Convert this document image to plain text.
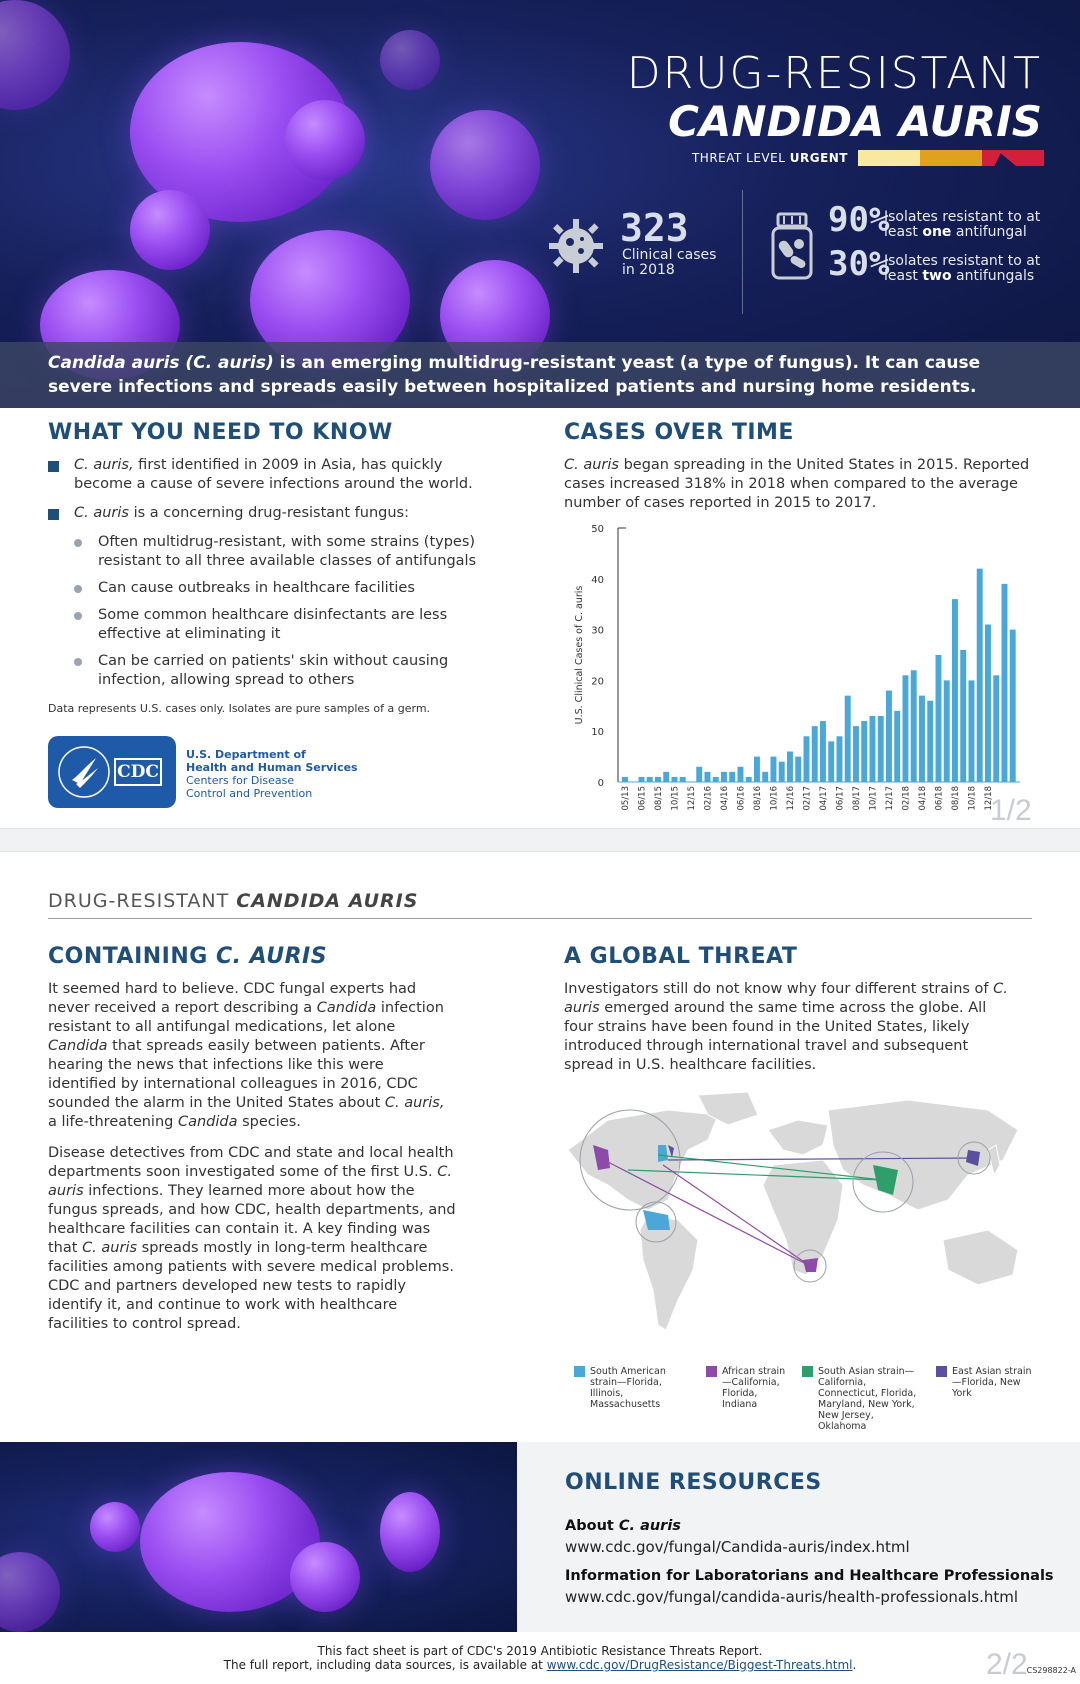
DRUG-RESISTANT
CANDIDA AURIS
THREAT LEVEL URGENT
323
Clinical cases in 2018
90%
Isolates resistant to at least one antifungal
30%
Isolates resistant to at least two antifungals
Candida auris (C. auris) is an emerging multidrug-resistant yeast (a type of fungus). It can cause severe infections and spreads easily between hospitalized patients and nursing home residents.
WHAT YOU NEED TO KNOW
C. auris, first identified in 2009 in Asia, has quickly become a cause of severe infections around the world.
C. auris is a concerning drug-resistant fungus:
Often multidrug-resistant, with some strains (types) resistant to all three available classes of antifungals
Can cause outbreaks in healthcare facilities
Some common healthcare disinfectants are less effective at eliminating it
Can be carried on patients' skin without causing infection, allowing spread to others
Data represents U.S. cases only. Isolates are pure samples of a germ.
CDC
U.S. Department of
Health and Human Services
Centers for Disease
Control and Prevention
CASES OVER TIME
C. auris began spreading in the United States in 2015. Reported cases increased 318% in 2018 when compared to the average number of cases reported in 2015 to 2017.
0
10
20
30
40
50
U.S. Clinical Cases of C. auris
05/13 06/15 08/15 10/15 12/15 02/16 04/16 06/16 08/16 10/16 12/16 02/17 04/17 06/17 08/17 10/17 12/17 02/18 04/18 06/18 08/18 10/18 12/18
1/2
DRUG-RESISTANT CANDIDA AURIS
CONTAINING C. AURIS
It seemed hard to believe. CDC fungal experts had never received a report describing a Candida infection resistant to all antifungal medications, let alone Candida that spreads easily between patients. After hearing the news that infections like this were identified by international colleagues in 2016, CDC sounded the alarm in the United States about C. auris, a life-threatening Candida species.
Disease detectives from CDC and state and local health departments soon investigated some of the first U.S. C. auris infections. They learned more about how the fungus spreads, and how CDC, health departments, and healthcare facilities can contain it. A key finding was that C. auris spreads mostly in long-term healthcare facilities among patients with severe medical problems. CDC and partners developed new tests to rapidly identify it, and continue to work with healthcare facilities to control spread.
A GLOBAL THREAT
Investigators still do not know why four different strains of C. auris emerged around the same time across the globe. All four strains have been found in the United States, likely introduced through international travel and subsequent spread in U.S. healthcare facilities.
South American strain—Florida, Illinois, Massachusetts
African strain—California, Florida, Indiana
South Asian strain—California, Connecticut, Florida, Maryland, New York, New Jersey, Oklahoma
East Asian strain—Florida, New York
ONLINE RESOURCES
About C. auris
www.cdc.gov/fungal/Candida-auris/index.html
Information for Laboratorians and Healthcare Professionals
www.cdc.gov/fungal/candida-auris/health-professionals.html
This fact sheet is part of CDC's 2019 Antibiotic Resistance Threats Report.
The full report, including data sources, is available at www.cdc.gov/DrugResistance/Biggest-Threats.html.	2/2
CS298822-A
